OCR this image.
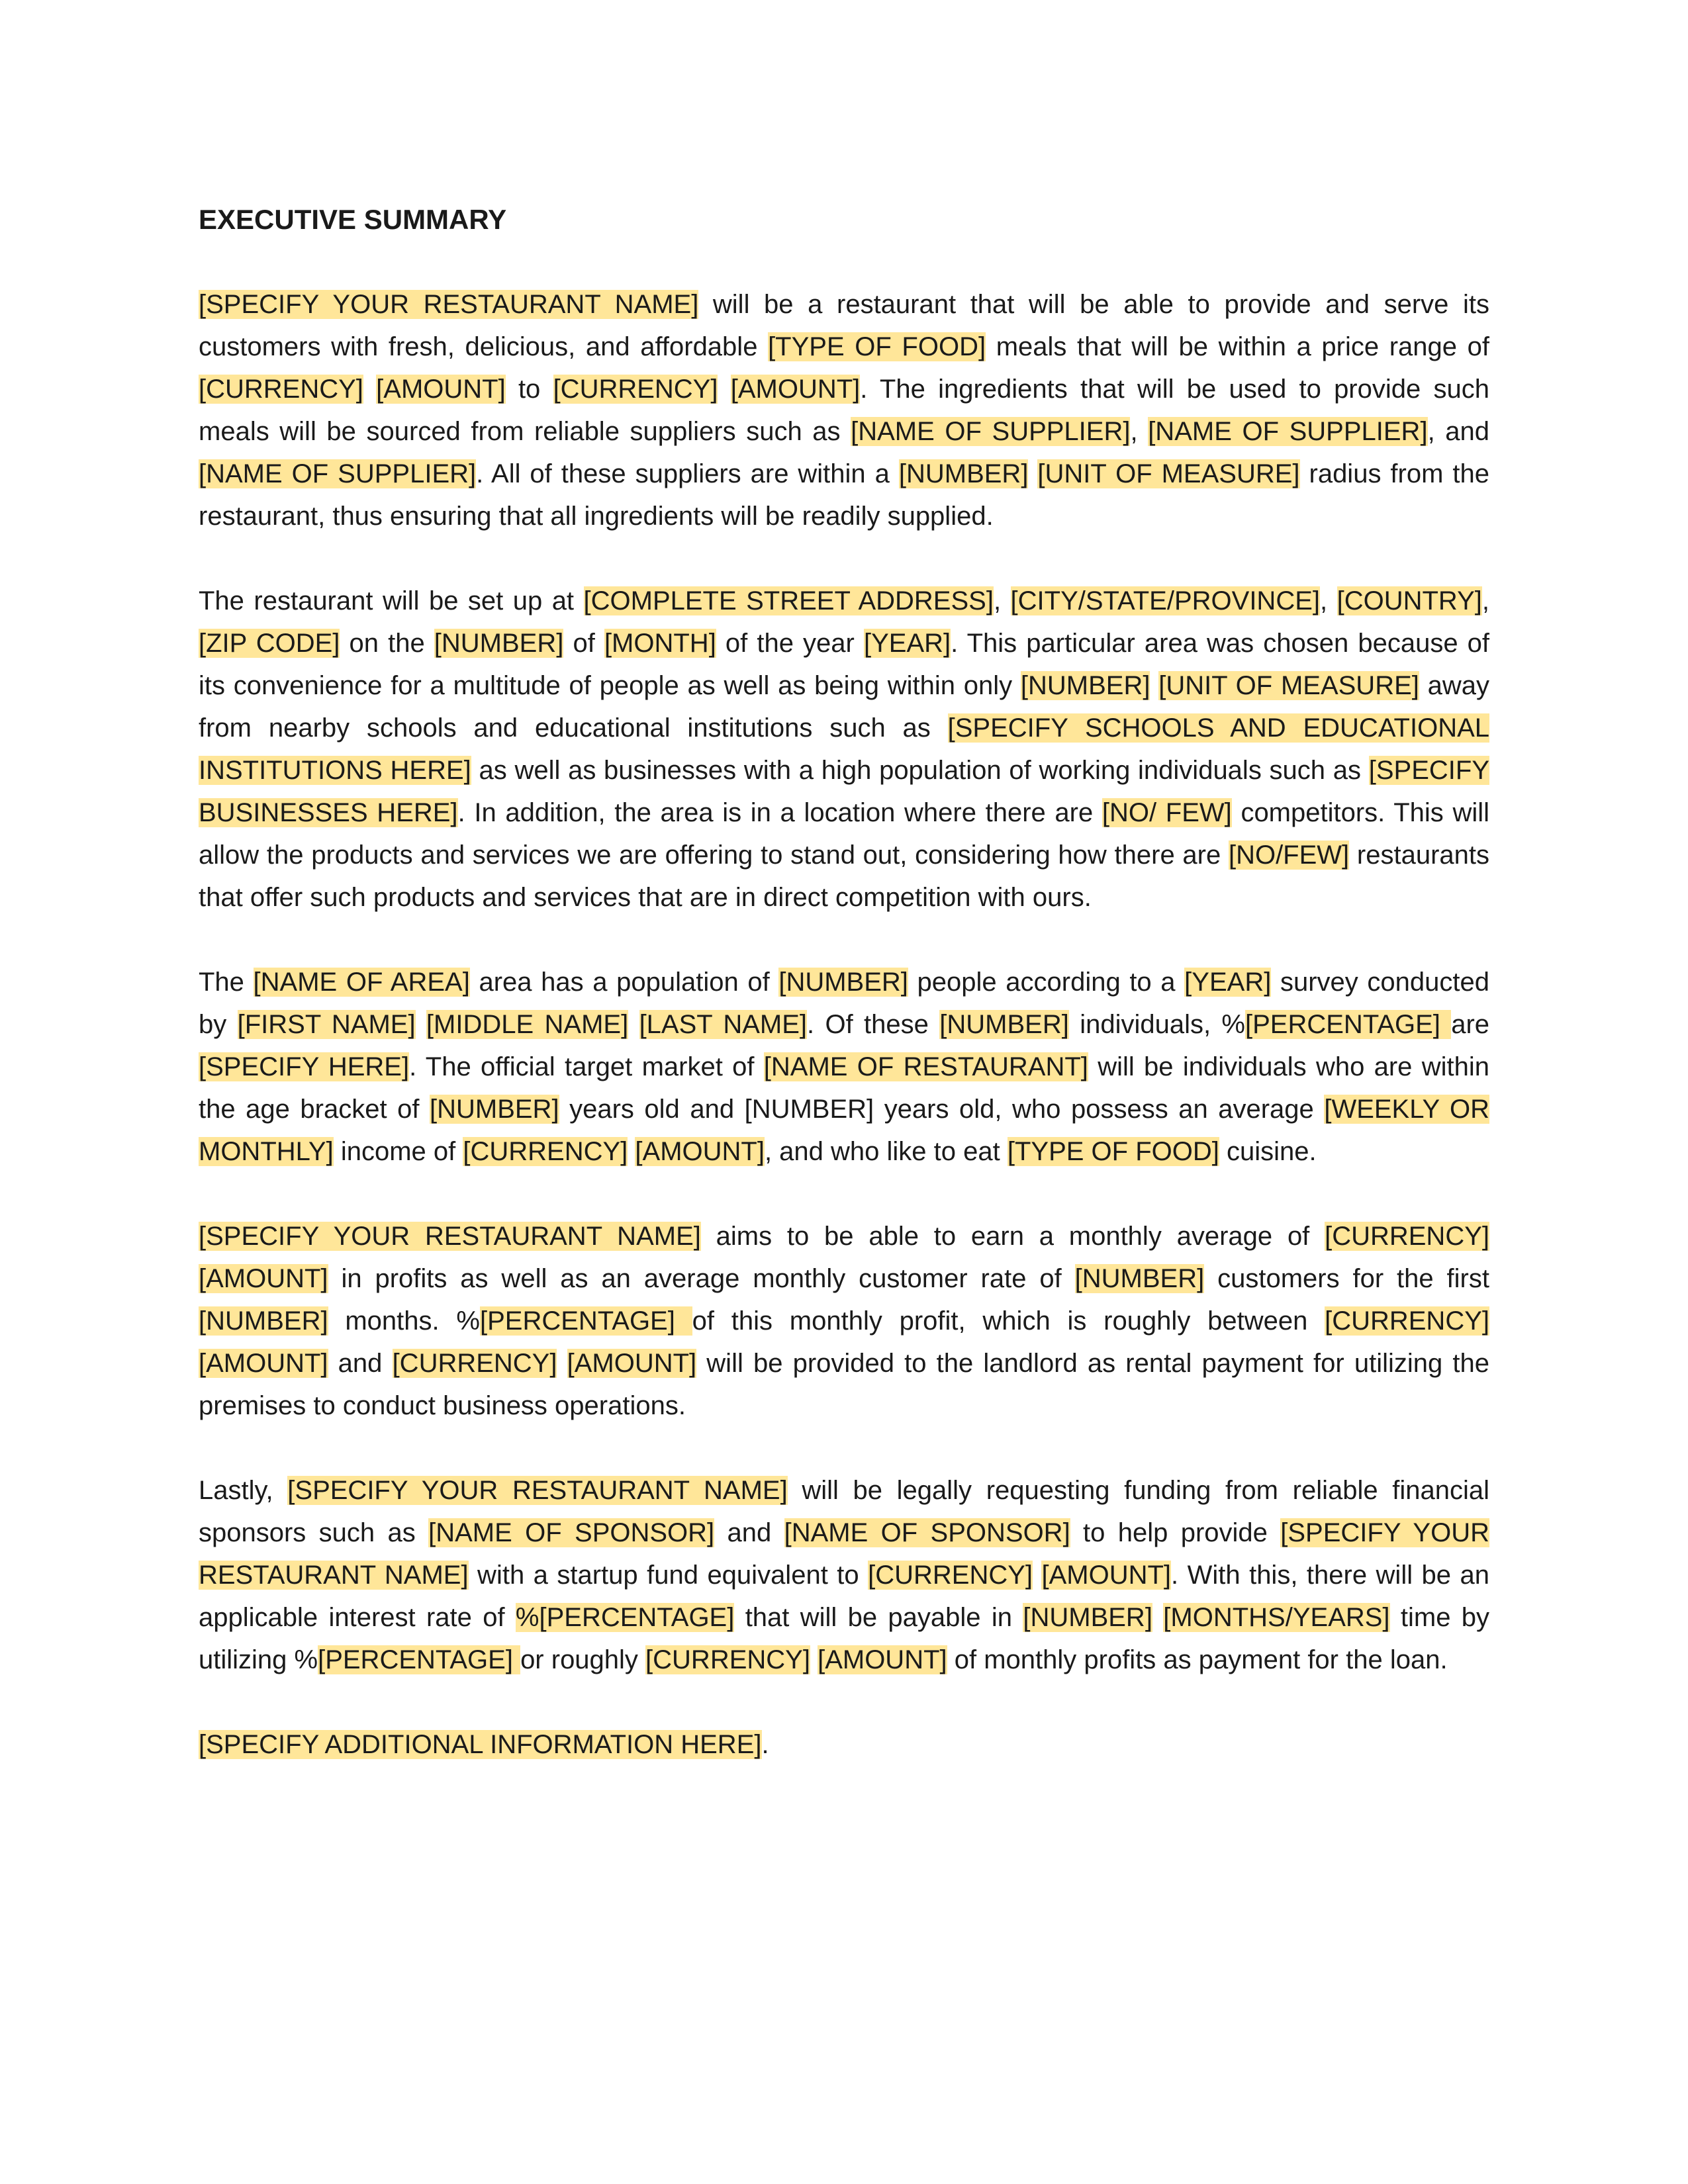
EXECUTIVE SUMMARY

[SPECIFY YOUR RESTAURANT NAME] will be a restaurant that will be able to provide and serve its customers with fresh, delicious, and affordable [TYPE OF FOOD] meals that will be within a price range of [CURRENCY] [AMOUNT] to [CURRENCY] [AMOUNT]. The ingredients that will be used to provide such meals will be sourced from reliable suppliers such as [NAME OF SUPPLIER], [NAME OF SUPPLIER], and [NAME OF SUPPLIER]. All of these suppliers are within a [NUMBER] [UNIT OF MEASURE] radius from the restaurant, thus ensuring that all ingredients will be readily supplied.

The restaurant will be set up at [COMPLETE STREET ADDRESS], [CITY/STATE/PROVINCE], [COUNTRY], [ZIP CODE] on the [NUMBER] of [MONTH] of the year [YEAR]. This particular area was chosen because of its convenience for a multitude of people as well as being within only [NUMBER] [UNIT OF MEASURE] away from nearby schools and educational institutions such as [SPECIFY SCHOOLS AND EDUCATIONAL INSTITUTIONS HERE] as well as businesses with a high population of working individuals such as [SPECIFY BUSINESSES HERE]. In addition, the area is in a location where there are [NO/ FEW] competitors. This will allow the products and services we are offering to stand out, considering how there are [NO/FEW] restaurants that offer such products and services that are in direct competition with ours.

The [NAME OF AREA] area has a population of [NUMBER] people according to a [YEAR] survey conducted by [FIRST NAME] [MIDDLE NAME] [LAST NAME]. Of these [NUMBER] individuals, %[PERCENTAGE] are [SPECIFY HERE]. The official target market of [NAME OF RESTAURANT] will be individuals who are within the age bracket of [NUMBER] years old and [NUMBER] years old, who possess an average [WEEKLY OR MONTHLY] income of [CURRENCY] [AMOUNT], and who like to eat [TYPE OF FOOD] cuisine.

[SPECIFY YOUR RESTAURANT NAME] aims to be able to earn a monthly average of [CURRENCY] [AMOUNT] in profits as well as an average monthly customer rate of [NUMBER] customers for the first [NUMBER] months. %[PERCENTAGE] of this monthly profit, which is roughly between [CURRENCY] [AMOUNT] and [CURRENCY] [AMOUNT] will be provided to the landlord as rental payment for utilizing the premises to conduct business operations.

Lastly, [SPECIFY YOUR RESTAURANT NAME] will be legally requesting funding from reliable financial sponsors such as [NAME OF SPONSOR] and [NAME OF SPONSOR] to help provide [SPECIFY YOUR RESTAURANT NAME] with a startup fund equivalent to [CURRENCY] [AMOUNT]. With this, there will be an applicable interest rate of %[PERCENTAGE] that will be payable in [NUMBER] [MONTHS/YEARS] time by utilizing %[PERCENTAGE] or roughly [CURRENCY] [AMOUNT] of monthly profits as payment for the loan.

[SPECIFY ADDITIONAL INFORMATION HERE].
